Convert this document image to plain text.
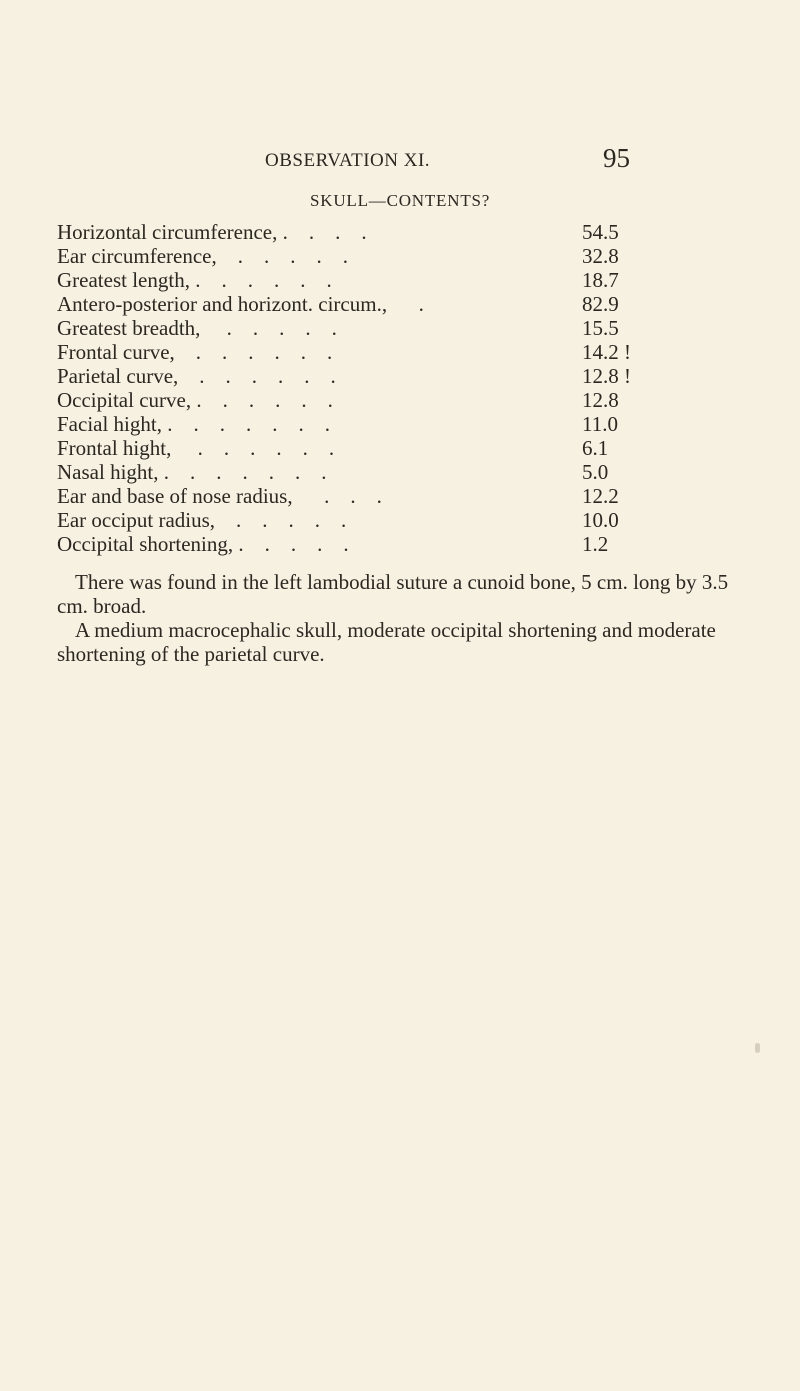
OBSERVATION XI.	95
SKULL—CONTENTS?
Horizontal circumference, .    .    .    .	54.5
Ear circumference,    .    .    .    .    .	32.8
Greatest length, .    .    .    .    .    .	18.7
Antero-posterior and horizont. circum.,      .	82.9
Greatest breadth,     .    .    .    .    .	15.5
Frontal curve,    .    .    .    .    .    .	14.2 !
Parietal curve,    .    .    .    .    .    .	12.8 !
Occipital curve, .    .    .    .    .    .	12.8
Facial hight, .    .    .    .    .    .    .	11.0
Frontal hight,     .    .    .    .    .    .	6.1
Nasal hight, .    .    .    .    .    .    .	5.0
Ear and base of nose radius,      .    .    .	12.2
Ear occiput radius,    .    .    .    .    .	10.0
Occipital shortening, .    .    .    .    .	1.2

There was found in the left lambodial suture a cunoid bone, 5 cm. long by 3.5 cm. broad.

A medium macrocephalic skull, moderate occipital shortening and moderate shortening of the parietal curve.
